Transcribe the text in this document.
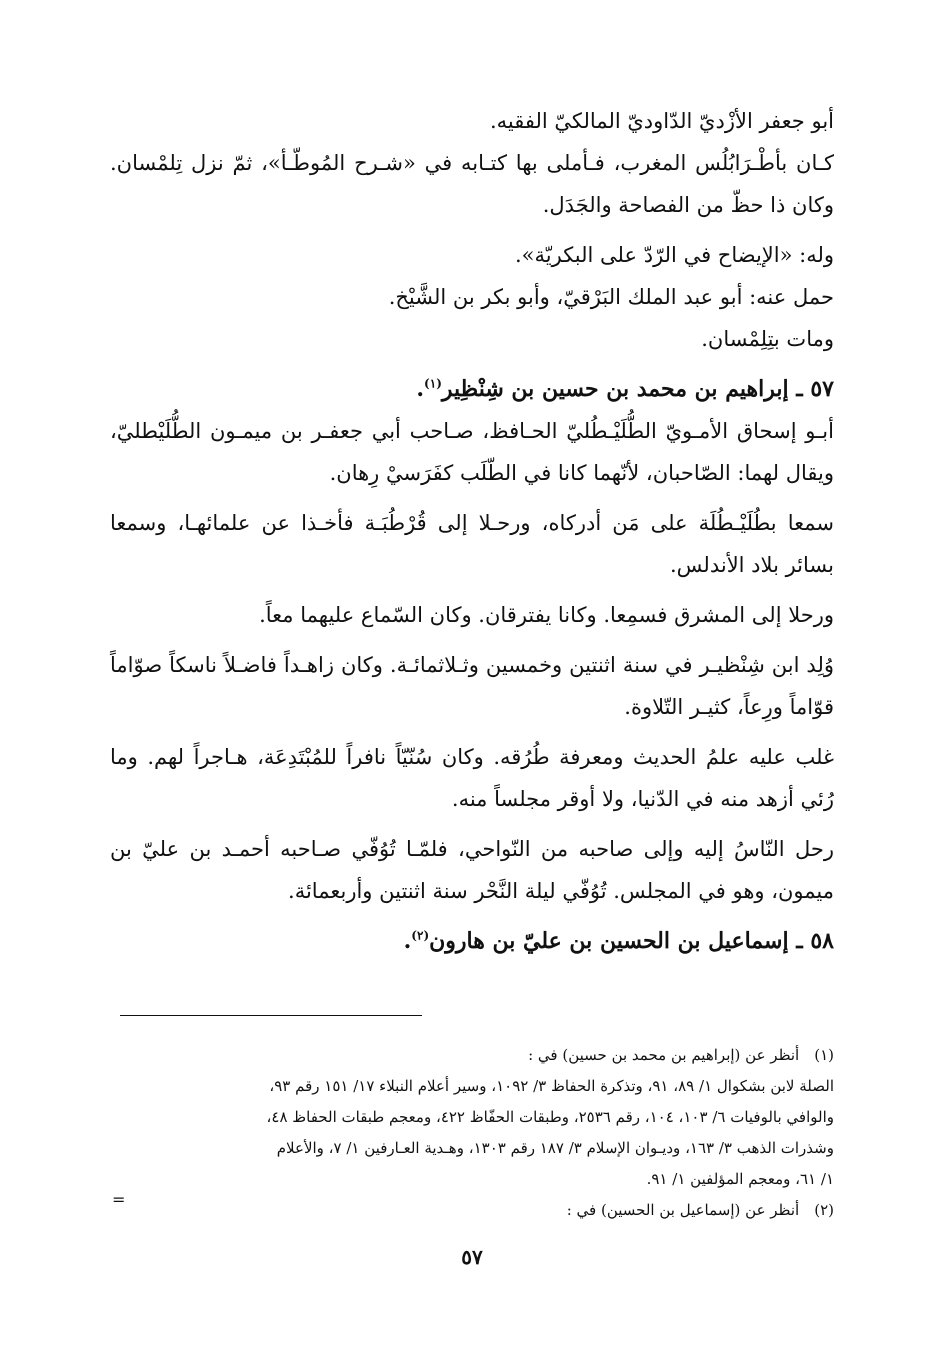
أبو جعفر الأزْديّ الدّاوديّ المالكيّ الفقيه.

كـان بأطْـرَابُلُس المغرب، فـأملى بها كتـابه في «شـرح المُوطّـأ»، ثمّ نزل تِلمْسان. وكان ذا حظّ من الفصاحة والجَدَل.

وله: «الإيضاح في الرّدّ على البكريّة».

حمل عنه: أبو عبد الملك البَرْقيّ، وأبو بكر بن الشَّيْخ.

ومات بتِلِمْسان.

٥٧ ـ إبراهيم بن محمد بن حسين بن شِنْظِير$^{(١)}$.

أبـو إسحاق الأمـويّ الطُّلَيْـطُليّ الحـافظ، صـاحب أبي جعفـر بن ميمـون الطُّلَيْطليّ، ويقال لهما: الصّاحبان، لأنّهما كانا في الطّلَب كفَرَسيْ رِهان.

سمعا بطُلَيْـطُلَة على مَن أدركاه، ورحـلا إلى قُرْطُبَـة فأخـذا عن علمائهـا، وسمعا بسائر بلاد الأندلس.

ورحلا إلى المشرق فسمِعا. وكانا يفترقان. وكان السّماع عليهما معاً.

وُلِد ابن شِنْظيـر في سنة اثنتين وخمسين وثـلاثمائـة. وكان زاهـداً فاضـلاً ناسكاً صوّاماً قوّاماً ورِعاً، كثيـر التّلاوة.

غلب عليه علمُ الحديث ومعرفة طُرُقه. وكان سُنّيّاً نافراً للمُبْتَدِعَة، هـاجراً لهم. وما رُئي أزهد منه في الدّنيا، ولا أوقر مجلساً منه.

رحل النّاسُ إليه وإلى صاحبه من النّواحي، فلمّـا تُوُفّي صـاحبه أحمـد بن عليّ بن ميمون، وهو في المجلس. تُوُفّي ليلة النَّحْر سنة اثنتين وأربعمائة.

٥٨ ـ إسماعيل بن الحسين بن عليّ بن هارون$^{(٢)}$.

(١) أنظر عن (إبراهيم بن محمد بن حسين) في :

الصلة لابن بشكوال ١/ ٨٩، ٩١، وتذكرة الحفاظ ٣/ ١٠٩٢، وسير أعلام النبلاء ١٧/ ١٥١ رقم ٩٣،

والوافي بالوفيات ٦/ ١٠٣، ١٠٤، رقم ٢٥٣٦، وطبقات الحفّاظ ٤٢٢، ومعجم طبقات الحفاظ ٤٨،

وشذرات الذهب ٣/ ١٦٣، وديـوان الإسلام ٣/ ١٨٧ رقم ١٣٠٣، وهـدية العـارفين ١/ ٧، والأعلام

١/ ٦١، ومعجم المؤلفين ١/ ٩١.

(٢) أنظر عن (إسماعيل بن الحسين) في :

=
٥٧
